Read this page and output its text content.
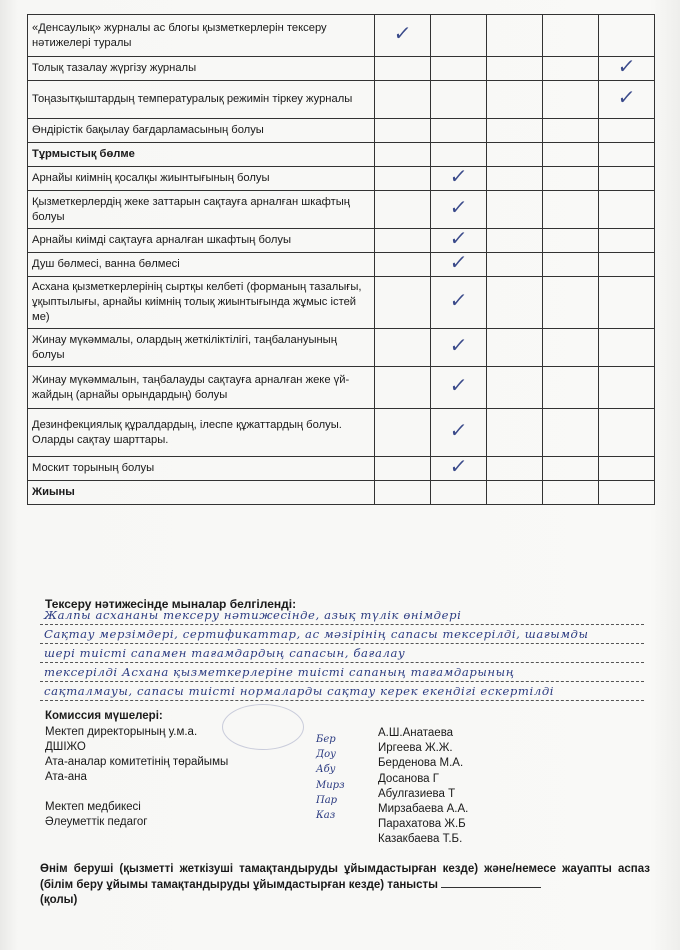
«Денсаулық» журналы ас блогы қызметкерлерін тексеру нәтижелері туралы	✓				
Толық тазалау жүргізу журналы					✓
Тоңазытқыштардың температуралық режимін тіркеу журналы					✓
Өндірістік бақылау бағдарламасының болуы					
Тұрмыстық бөлме					
Арнайы киімнің қосалқы жиынтығының болуы		✓			
Қызметкерлердің жеке заттарын сақтауға арналған шкафтың болуы		✓			
Арнайы киімді сақтауға арналған шкафтың болуы		✓			
Душ бөлмесі, ванна бөлмесі		✓			
Асхана қызметкерлерінің сыртқы келбеті (форманың тазалығы, ұқыптылығы, арнайы киімнің толық жиынтығында жұмыс істей ме)		✓			
Жинау мүкәммалы, олардың жеткіліктілігі, таңбалануының болуы		✓			
Жинау мүкәммалын, таңбалауды сақтауға арналған жеке үй-жайдың (арнайы орындардың) болуы		✓			
Дезинфекциялық құралдардың, ілеспе құжаттардың болуы. Оларды сақтау шарттары.		✓			
Москит торының болуы		✓			
Жиыны					
Тексеру нәтижесінде мыналар белгіленді:
Жалпы асхананы тексеру нәтижесінде, азық түлік өнімдері
Сақтау мерзімдері, сертификаттар, ас мәзірінің сапасы тексерілді, шағымды
шері тиісті сапамен тағамдардың сапасын, бағалау
тексерілді Асхана қызметкерлеріне тиісті сапаның тағамдарының
сақталмауы, сапасы тиісті нормаларды сақтау керек екендігі ескертілді
Комиссия мүшелері:
Мектеп директорының у.м.а.
ДШІЖО
Ата-аналар комитетінің төрайымы
Ата-ана
Мектеп медбикесі
Әлеуметтік педагог
Бер
Доу
Абу
Мирз
Пар
Каз
А.Ш.Анатаева
Иргеева Ж.Ж.
Берденова М.А.
Досанова Г
Абулгазиева Т
Мирзабаева А.А.
Парахатова Ж.Б
Казакбаева Т.Б.
Өнім беруші (қызметті жеткізуші тамақтандыруды ұйымдастырған кезде) және/немесе жауапты аспаз (білім беру ұйымы тамақтандыруды ұйымдастырған кезде) танысты
(қолы)
